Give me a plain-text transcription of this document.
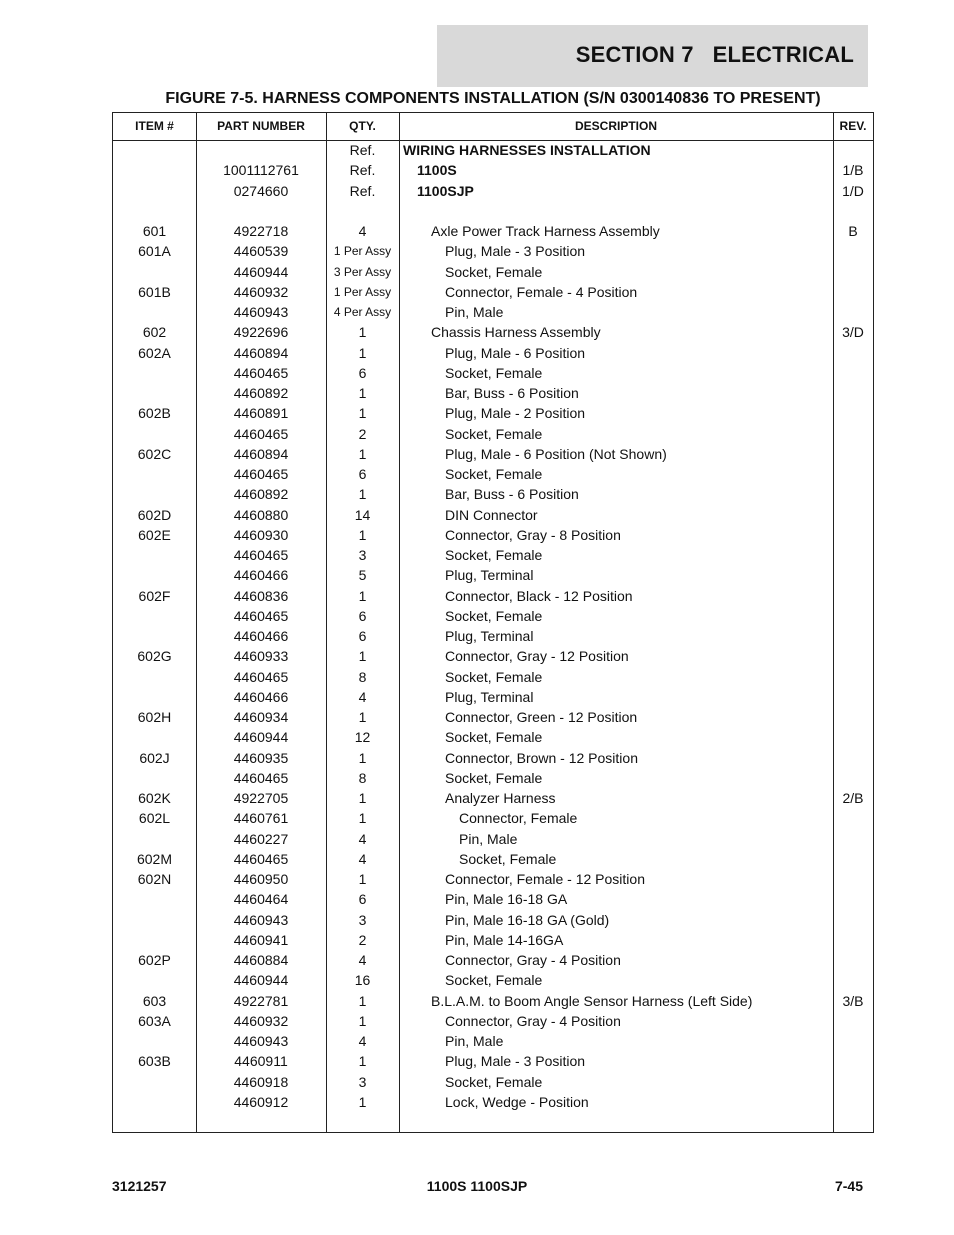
SECTION 7   ELECTRICAL
FIGURE 7-5. HARNESS COMPONENTS INSTALLATION (S/N 0300140836 TO PRESENT)
ITEM #	PART NUMBER	QTY.	DESCRIPTION	REV.
Ref.	WIRING HARNESSES INSTALLATION
1001112761	Ref.	1100S	1/B
0274660	Ref.	1100SJP	1/D
601	4922718	4	Axle Power Track Harness Assembly	B
601A	4460539	1 Per Assy	Plug, Male - 3 Position
4460944	3 Per Assy	Socket, Female
601B	4460932	1 Per Assy	Connector, Female - 4 Position
4460943	4 Per Assy	Pin, Male
602	4922696	1	Chassis Harness Assembly	3/D
602A	4460894	1	Plug, Male - 6 Position
4460465	6	Socket, Female
4460892	1	Bar, Buss - 6 Position
602B	4460891	1	Plug, Male - 2 Position
4460465	2	Socket, Female
602C	4460894	1	Plug, Male - 6 Position (Not Shown)
4460465	6	Socket, Female
4460892	1	Bar, Buss - 6 Position
602D	4460880	14	DIN Connector
602E	4460930	1	Connector, Gray - 8 Position
4460465	3	Socket, Female
4460466	5	Plug, Terminal
602F	4460836	1	Connector, Black - 12 Position
4460465	6	Socket, Female
4460466	6	Plug, Terminal
602G	4460933	1	Connector, Gray - 12 Position
4460465	8	Socket, Female
4460466	4	Plug, Terminal
602H	4460934	1	Connector, Green - 12 Position
4460944	12	Socket, Female
602J	4460935	1	Connector, Brown - 12 Position
4460465	8	Socket, Female
602K	4922705	1	Analyzer Harness	2/B
602L	4460761	1	Connector, Female
4460227	4	Pin, Male
602M	4460465	4	Socket, Female
602N	4460950	1	Connector, Female - 12 Position
4460464	6	Pin, Male 16-18 GA
4460943	3	Pin, Male 16-18 GA (Gold)
4460941	2	Pin, Male 14-16GA
602P	4460884	4	Connector, Gray - 4 Position
4460944	16	Socket, Female
603	4922781	1	B.L.A.M. to Boom Angle Sensor Harness (Left Side)	3/B
603A	4460932	1	Connector, Gray - 4 Position
4460943	4	Pin, Male
603B	4460911	1	Plug, Male - 3 Position
4460918	3	Socket, Female
4460912	1	Lock, Wedge - Position
3121257	1100S 1100SJP	7-45
